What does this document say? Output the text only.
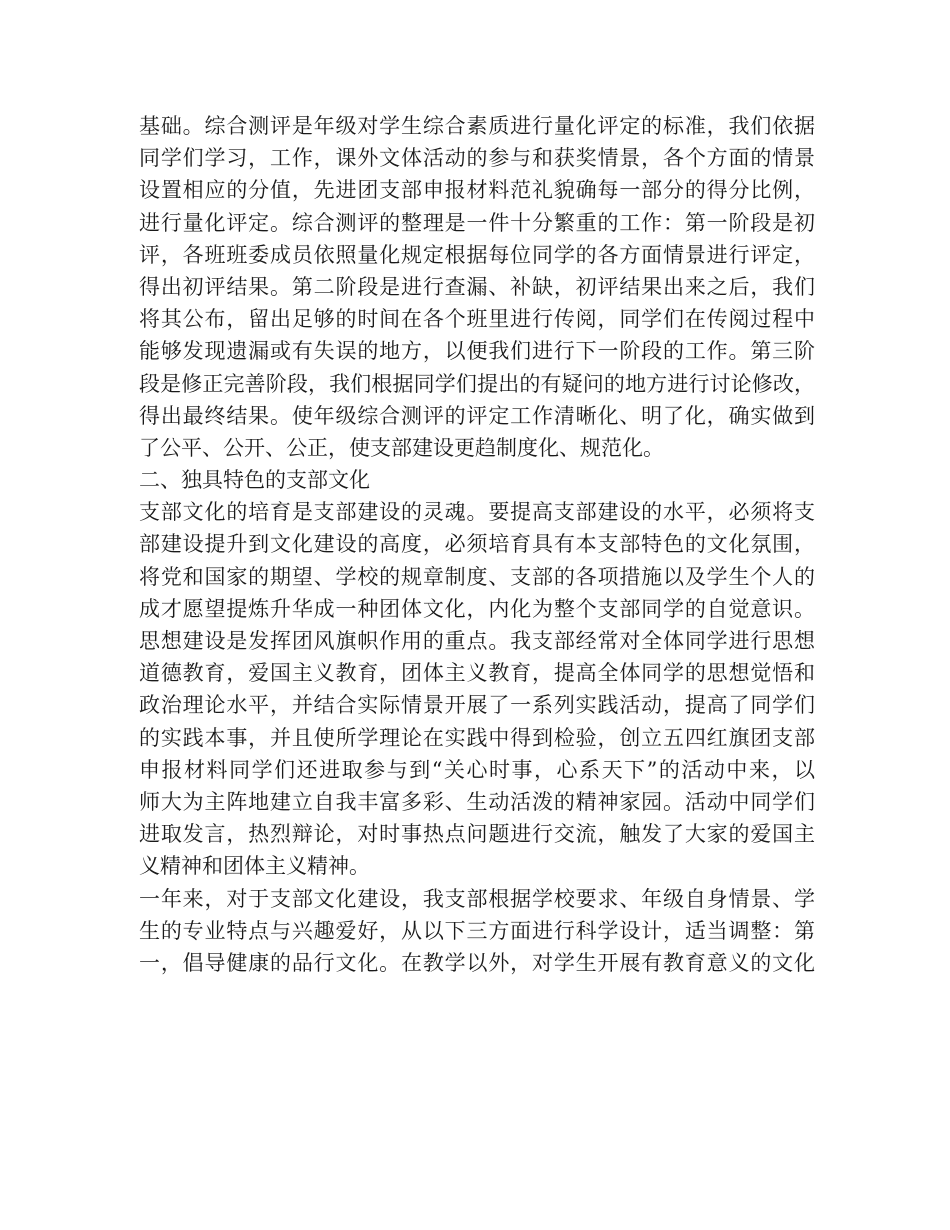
基础。综合测评是年级对学生综合素质进行量化评定的标准，我们依据
同学们学习，工作，课外文体活动的参与和获奖情景，各个方面的情景
设置相应的分值，先进团支部申报材料范礼貌确每一部分的得分比例，
进行量化评定。综合测评的整理是一件十分繁重的工作：第一阶段是初
评，各班班委成员依照量化规定根据每位同学的各方面情景进行评定，
得出初评结果。第二阶段是进行查漏、补缺，初评结果出来之后，我们
将其公布，留出足够的时间在各个班里进行传阅，同学们在传阅过程中
能够发现遗漏或有失误的地方，以便我们进行下一阶段的工作。第三阶
段是修正完善阶段，我们根据同学们提出的有疑问的地方进行讨论修改，
得出最终结果。使年级综合测评的评定工作清晰化、明了化，确实做到
了公平、公开、公正，使支部建设更趋制度化、规范化。
二、独具特色的支部文化
支部文化的培育是支部建设的灵魂。要提高支部建设的水平，必须将支
部建设提升到文化建设的高度，必须培育具有本支部特色的文化氛围，
将党和国家的期望、学校的规章制度、支部的各项措施以及学生个人的
成才愿望提炼升华成一种团体文化，内化为整个支部同学的自觉意识。
思想建设是发挥团风旗帜作用的重点。我支部经常对全体同学进行思想
道德教育，爱国主义教育，团体主义教育，提高全体同学的思想觉悟和
政治理论水平，并结合实际情景开展了一系列实践活动，提高了同学们
的实践本事，并且使所学理论在实践中得到检验，创立五四红旗团支部
申报材料同学们还进取参与到“关心时事，心系天下”的活动中来，以
师大为主阵地建立自我丰富多彩、生动活泼的精神家园。活动中同学们
进取发言，热烈辩论，对时事热点问题进行交流，触发了大家的爱国主
义精神和团体主义精神。
一年来，对于支部文化建设，我支部根据学校要求、年级自身情景、学
生的专业特点与兴趣爱好，从以下三方面进行科学设计，适当调整：第
一，倡导健康的品行文化。在教学以外，对学生开展有教育意义的文化
